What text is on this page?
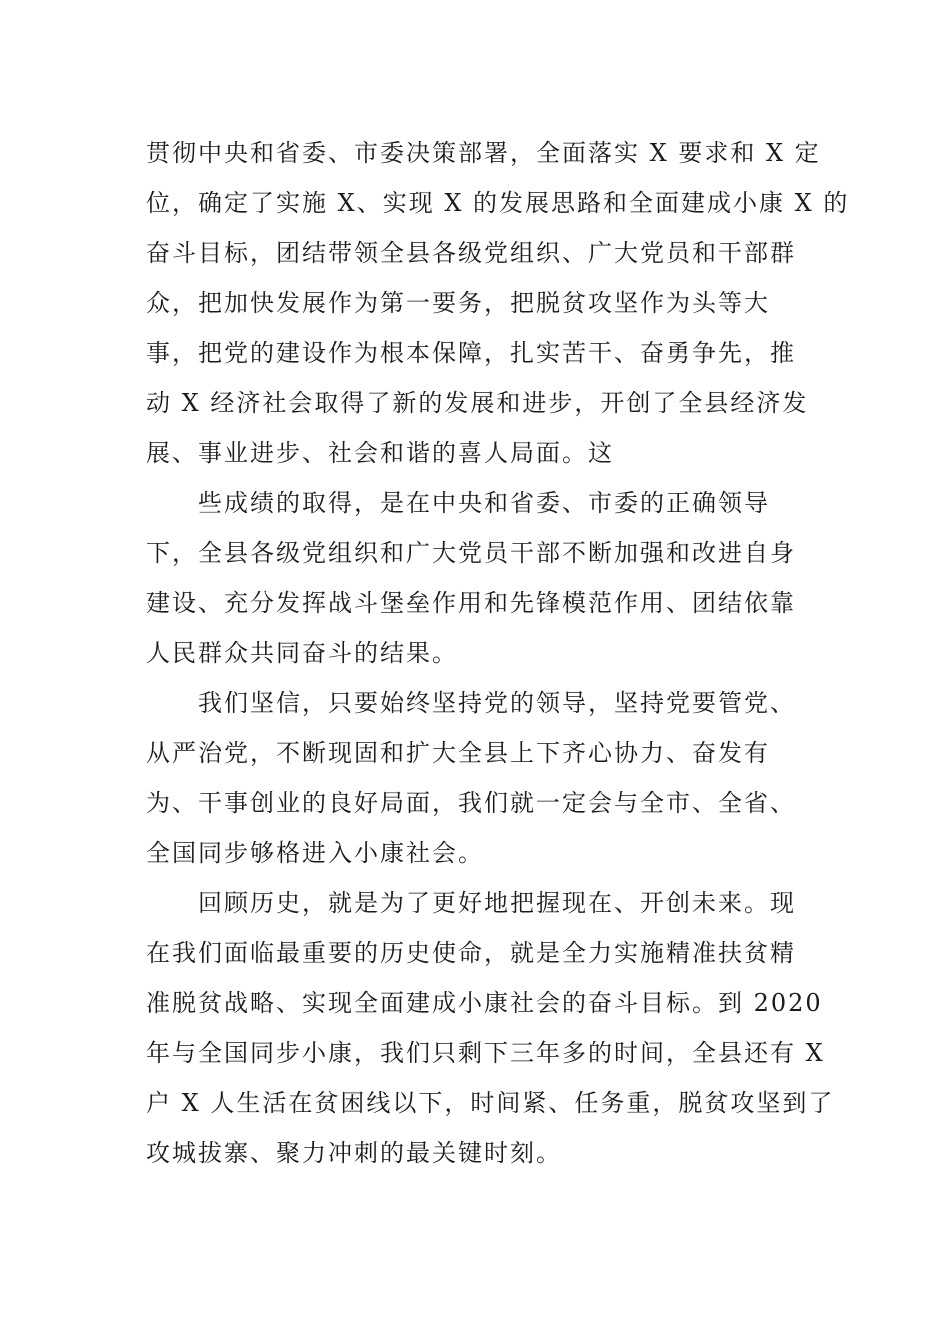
贯彻中央和省委、市委决策部署，全面落实 X 要求和 X 定
位，确定了实施 X、实现 X 的发展思路和全面建成小康 X 的
奋斗目标，团结带领全县各级党组织、广大党员和干部群
众，把加快发展作为第一要务，把脱贫攻坚作为头等大
事，把党的建设作为根本保障，扎实苦干、奋勇争先，推
动 X 经济社会取得了新的发展和进步，开创了全县经济发
展、事业进步、社会和谐的喜人局面。这
些成绩的取得，是在中央和省委、市委的正确领导
下，全县各级党组织和广大党员干部不断加强和改进自身
建设、充分发挥战斗堡垒作用和先锋模范作用、团结依靠
人民群众共同奋斗的结果。
我们坚信，只要始终坚持党的领导，坚持党要管党、
从严治党，不断现固和扩大全县上下齐心协力、奋发有
为、干事创业的良好局面，我们就一定会与全市、全省、
全国同步够格进入小康社会。
回顾历史，就是为了更好地把握现在、开创未来。现
在我们面临最重要的历史使命，就是全力实施精准扶贫精
准脱贫战略、实现全面建成小康社会的奋斗目标。到 2020
年与全国同步小康，我们只剩下三年多的时间，全县还有 X
户 X 人生活在贫困线以下，时间紧、任务重，脱贫攻坚到了
攻城拔寨、聚力冲刺的最关键时刻。
